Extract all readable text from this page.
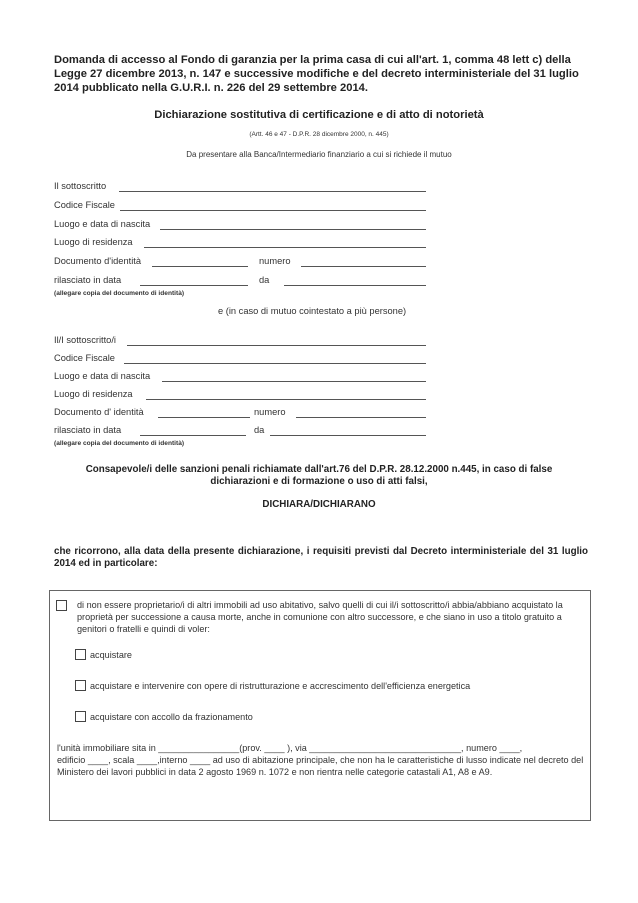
Domanda di accesso al Fondo di garanzia per la prima casa di cui all'art. 1, comma 48 lett c) della Legge 27 dicembre 2013, n. 147 e successive modifiche e del decreto interministeriale del 31 luglio 2014 pubblicato nella G.U.R.I. n. 226 del 29 settembre 2014.
Dichiarazione sostitutiva di certificazione e di atto di notorietà
(Artt. 46 e 47 - D.P.R. 28 dicembre 2000, n. 445)
Da presentare alla Banca/Intermediario finanziario a cui si richiede il mutuo
Il sottoscritto
Codice Fiscale
Luogo e data di nascita
Luogo di residenza
Documento d'identità	numero
rilasciato in data	da
(allegare copia del documento di identità)
e (in caso di mutuo cointestato a più persone)
Il/I sottoscritto/i
Codice Fiscale
Luogo e data di nascita
Luogo di residenza
Documento d' identità	numero
rilasciato in data	da
(allegare copia del documento di identità)
Consapevole/i delle sanzioni penali richiamate dall'art.76 del D.P.R. 28.12.2000 n.445, in caso di false
dichiarazioni e di formazione o uso di atti falsi,
DICHIARA/DICHIARANO
che ricorrono, alla data della presente dichiarazione, i requisiti previsti dal Decreto interministeriale del 31 luglio 2014 ed in particolare:
di non essere proprietario/i di altri immobili ad uso abitativo, salvo quelli di cui il/i sottoscritto/i abbia/abbiano acquistato la proprietà per successione a causa morte, anche in comunione con altro successore, e che siano in uso a titolo gratuito a genitori o fratelli e quindi di voler:
acquistare
acquistare e intervenire con opere di ristrutturazione e accrescimento dell'efficienza energetica
acquistare con accollo da frazionamento
l'unità immobiliare sita in ________________(prov. ____ ), via ______________________________, numero ____,
edificio ____, scala ____,interno ____ ad uso di abitazione principale, che non ha le caratteristiche di lusso indicate nel decreto del Ministero dei lavori pubblici in data 2 agosto 1969 n. 1072 e non rientra nelle categorie catastali A1, A8 e A9.
